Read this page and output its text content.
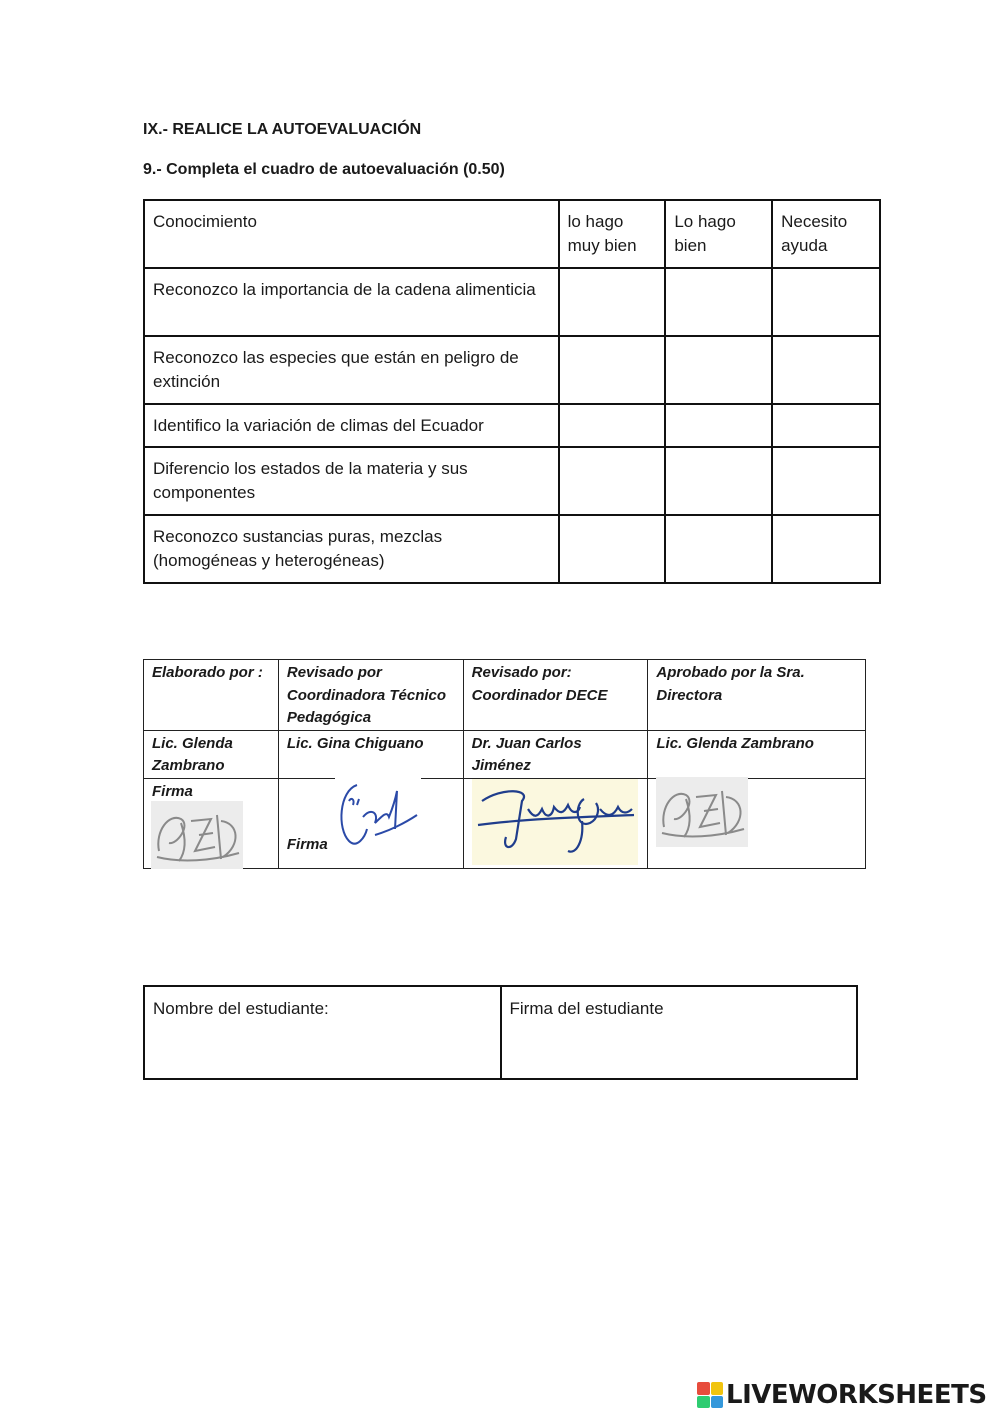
IX.- REALICE LA AUTOEVALUACIÓN
9.- Completa el cuadro de autoevaluación (0.50)
Conocimiento	lo hago muy bien	Lo hago bien	Necesito ayuda
Reconozco la importancia de la cadena alimenticia			
Reconozco las especies que están en peligro de extinción			
Identifico la variación de climas del Ecuador			
Diferencio los estados de la materia y sus componentes			
Reconozco sustancias puras, mezclas (homogéneas y heterogéneas)			
Elaborado por :	Revisado por Coordinadora Técnico Pedagógica	Revisado por: Coordinador DECE	Aprobado por la Sra. Directora
Lic. Glenda Zambrano	Lic. Gina Chiguano	Dr. Juan Carlos Jiménez	Lic. Glenda Zambrano

Firma	Firma

Nombre del estudiante:	Firma del estudiante
LIVEWORKSHEETS
